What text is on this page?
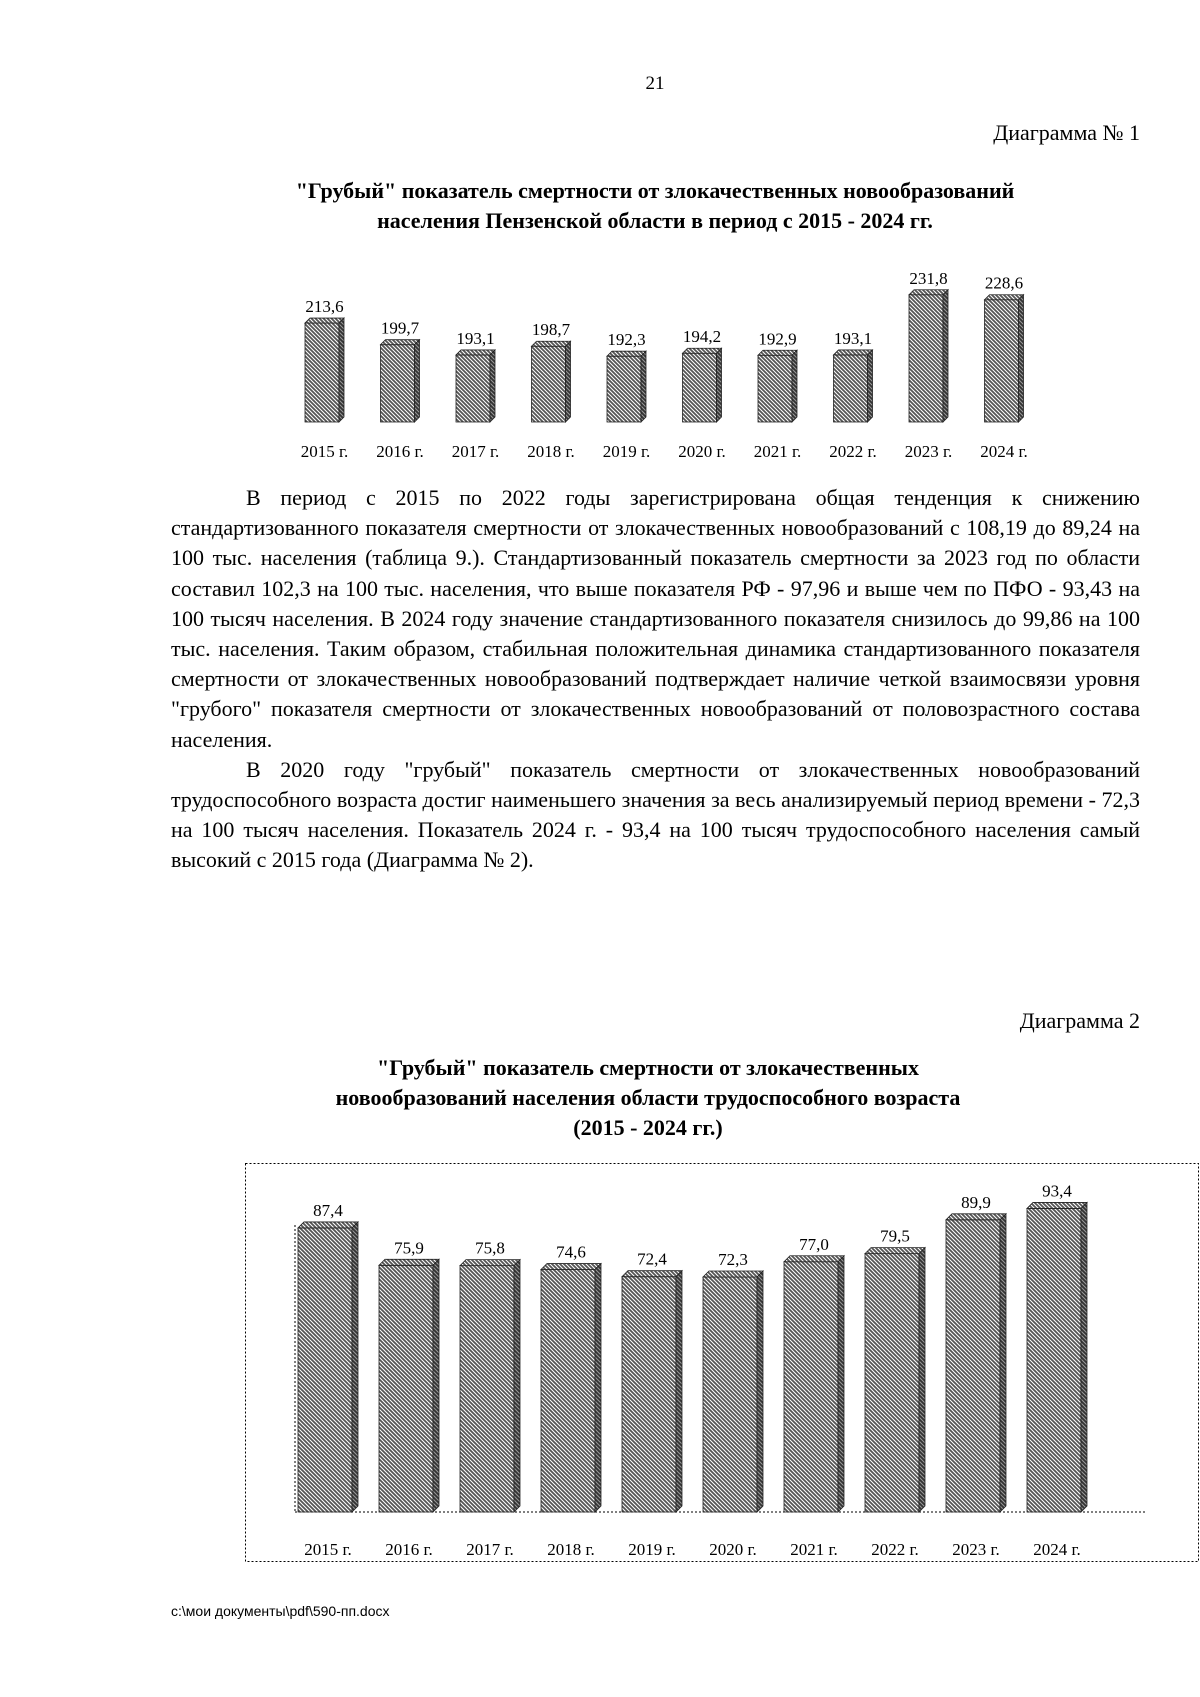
21
Диаграмма № 1
"Грубый" показатель смертности от злокачественных новообразований
населения Пензенской области в период с 2015 - 2024 гг.
213,6
2015 г.
199,7
2016 г.
193,1
2017 г.
198,7
2018 г.
192,3
2019 г.
194,2
2020 г.
192,9
2021 г.
193,1
2022 г.
231,8
2023 г.
228,6
2024 г.

В период с 2015 по 2022 годы зарегистрирована общая тенденция к снижению стандартизованного показателя смертности от злокачественных новообразований с 108,19 до 89,24 на 100 тыс. населения (таблица 9.). Стандартизованный показатель смертности за 2023 год по области составил 102,3 на 100 тыс. населения, что выше показателя РФ - 97,96 и выше чем по ПФО - 93,43 на 100 тысяч населения. В 2024 году значение стандартизованного показателя снизилось до 99,86 на 100 тыс. населения. Таким образом, стабильная положительная динамика стандартизованного показателя смертности от злокачественных новообразований подтверждает наличие четкой взаимосвязи уровня "грубого" показателя смертности от злокачественных новообразований от половозрастного состава населения.

В 2020 году "грубый" показатель смертности от злокачественных новообразований трудоспособного возраста достиг наименьшего значения за весь анализируемый период времени - 72,3 на 100 тысяч населения. Показатель 2024 г. - 93,4 на 100 тысяч трудоспособного населения самый высокий с 2015 года (Диаграмма № 2).

Диаграмма 2
"Грубый" показатель смертности от злокачественных
новообразований населения области трудоспособного возраста
(2015 - 2024 гг.)
87,4
2015 г.
75,9
2016 г.
75,8
2017 г.
74,6
2018 г.
72,4
2019 г.
72,3
2020 г.
77,0
2021 г.
79,5
2022 г.
89,9
2023 г.
93,4
2024 г.
c:\мои документы\pdf\590-пп.docx
